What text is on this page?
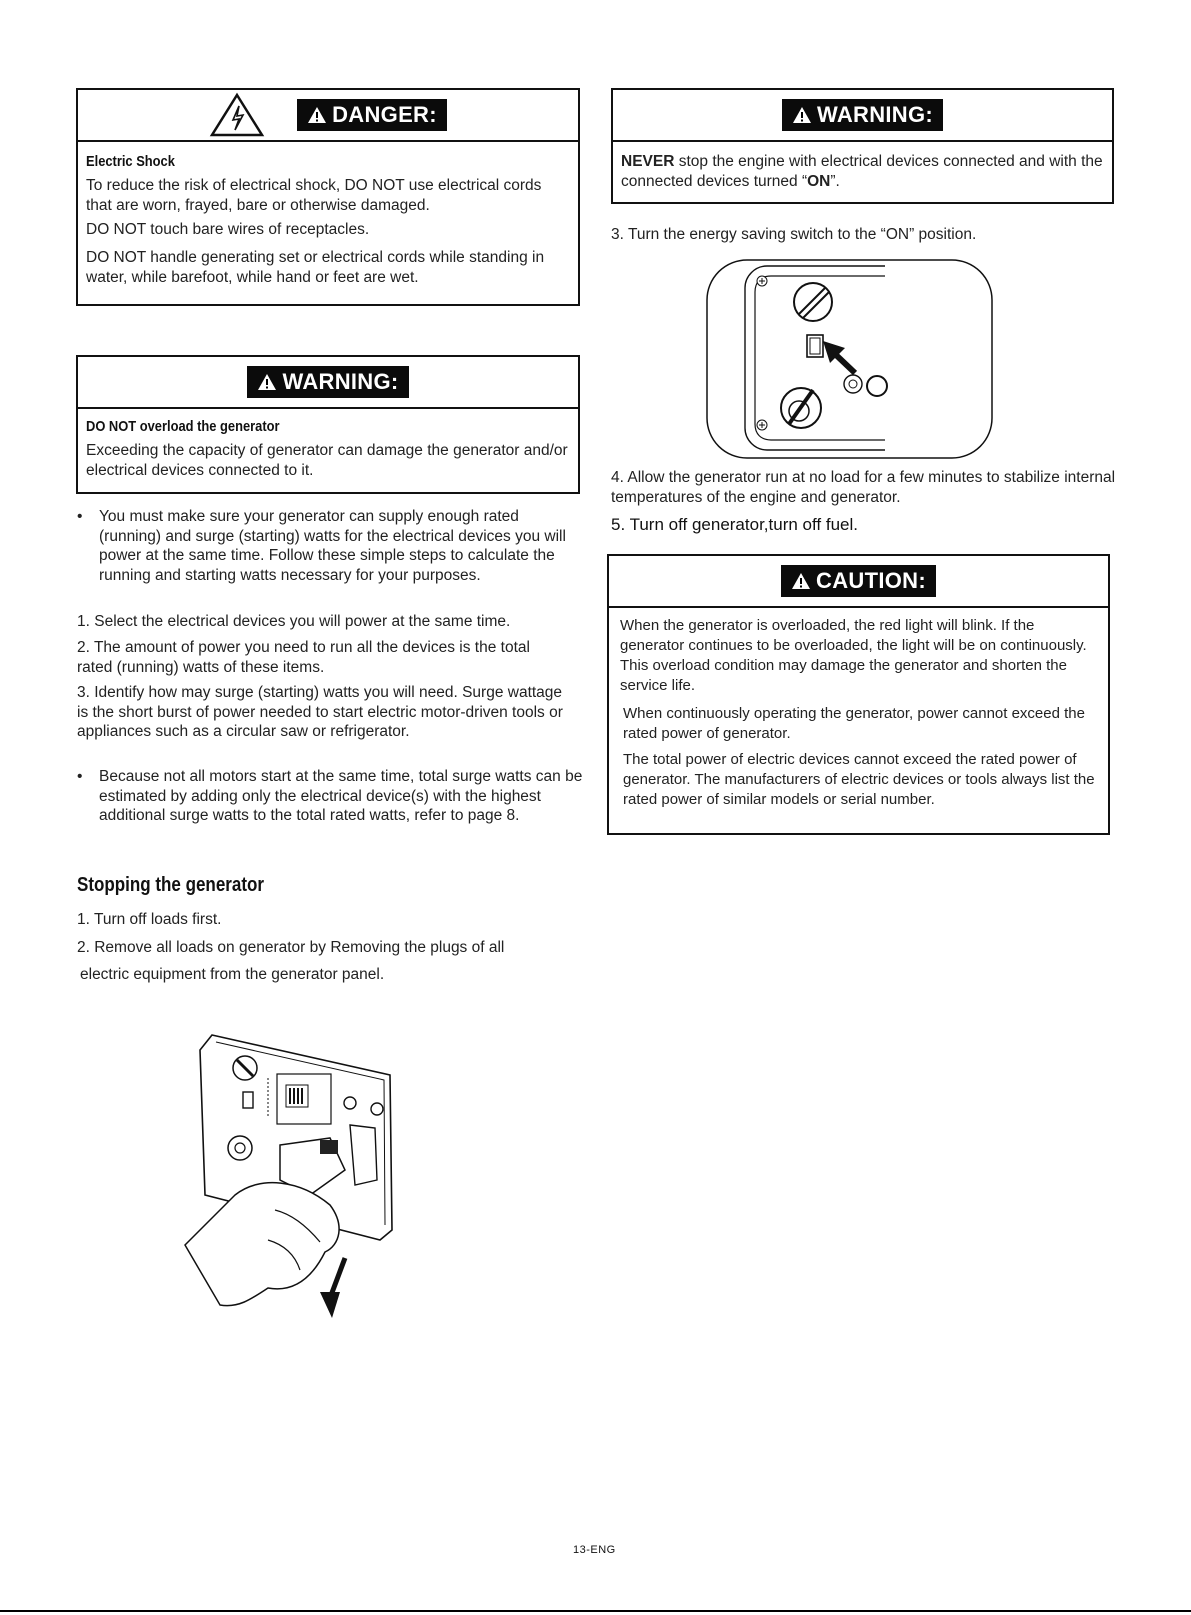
DANGER:
Electric Shock

To reduce the risk of electrical shock, DO NOT use electrical cords that are worn, frayed, bare or otherwise damaged.

DO NOT touch bare wires of receptacles.

DO NOT handle generating set or electrical cords while standing in water, while barefoot, while hand or feet are wet.

WARNING:
DO NOT overload the generator

Exceeding the capacity of generator can damage the generator and/or electrical devices connected to it.

• You must make sure your generator can supply enough rated (running) and surge (starting) watts for the electrical devices you will power at the same time. Follow these simple steps to calculate the running and starting watts necessary for your purposes.
1. Select the electrical devices you will power at the same time.
2. The amount of power you need to run all the devices is the total rated (running) watts of these items.
3. Identify how may surge (starting) watts you will need. Surge wattage is the short burst of power needed to start electric motor-driven tools or appliances such as a circular saw or refrigerator.
• Because not all motors start at the same time, total surge watts can be estimated by adding only the electrical device(s) with the highest additional surge watts to the total rated watts, refer to page 8.
Stopping the generator
1. Turn off loads first.
2. Remove all loads on generator by Removing the plugs of all
electric equipment from the generator panel.
WARNING:

NEVER stop the engine with electrical devices connected and with the connected devices turned “ON”.

3. Turn the energy saving switch to the “ON” position.
4. Allow the generator run at no load for a few minutes to stabilize internal temperatures of the engine and generator.
5. Turn off generator,turn off fuel.
CAUTION:

When the generator is overloaded, the red light will blink. If the generator continues to be overloaded, the light will be on continuously. This overload condition may damage the generator and shorten the service life.

When continuously operating the generator, power cannot exceed the rated power of generator.

The total power of electric devices cannot exceed the rated power of generator. The manufacturers of electric devices or tools always list the rated power of similar models or serial number.

13-ENG
